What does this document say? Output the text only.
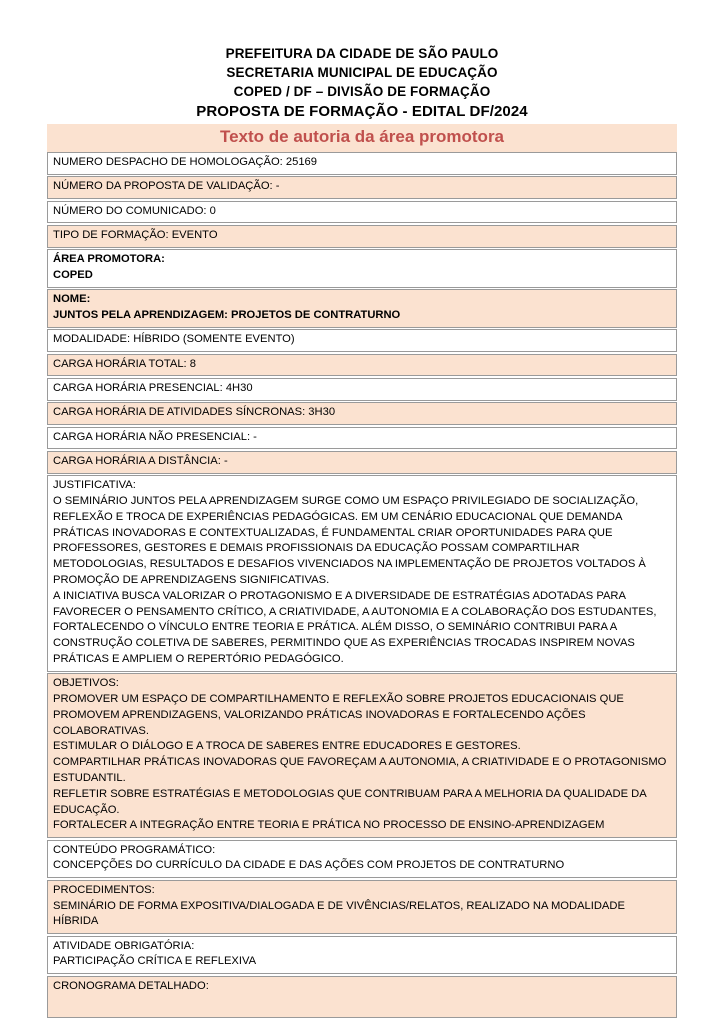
PREFEITURA DA CIDADE DE SÃO PAULO
SECRETARIA MUNICIPAL DE EDUCAÇÃO
COPED / DF – DIVISÃO DE FORMAÇÃO
PROPOSTA DE FORMAÇÃO - EDITAL DF/2024
Texto de autoria da área promotora
NUMERO DESPACHO DE HOMOLOGAÇÃO: 25169
NÚMERO DA PROPOSTA DE VALIDAÇÃO: -
NÚMERO DO COMUNICADO: 0
TIPO DE FORMAÇÃO: EVENTO
ÁREA PROMOTORA:
COPED
NOME:
JUNTOS PELA APRENDIZAGEM: PROJETOS DE CONTRATURNO
MODALIDADE: HÍBRIDO (SOMENTE EVENTO)
CARGA HORÁRIA TOTAL: 8
CARGA HORÁRIA PRESENCIAL: 4H30
CARGA HORÁRIA DE ATIVIDADES SÍNCRONAS: 3H30
CARGA HORÁRIA NÃO PRESENCIAL: -
CARGA HORÁRIA A DISTÂNCIA: -
JUSTIFICATIVA:
O SEMINÁRIO JUNTOS PELA APRENDIZAGEM SURGE COMO UM ESPAÇO PRIVILEGIADO DE SOCIALIZAÇÃO, REFLEXÃO E TROCA DE EXPERIÊNCIAS PEDAGÓGICAS. EM UM CENÁRIO EDUCACIONAL QUE DEMANDA PRÁTICAS INOVADORAS E CONTEXTUALIZADAS, É FUNDAMENTAL CRIAR OPORTUNIDADES PARA QUE PROFESSORES, GESTORES E DEMAIS PROFISSIONAIS DA EDUCAÇÃO POSSAM COMPARTILHAR METODOLOGIAS, RESULTADOS E DESAFIOS VIVENCIADOS NA IMPLEMENTAÇÃO DE PROJETOS VOLTADOS À PROMOÇÃO DE APRENDIZAGENS SIGNIFICATIVAS.
A INICIATIVA BUSCA VALORIZAR O PROTAGONISMO E A DIVERSIDADE DE ESTRATÉGIAS ADOTADAS PARA FAVORECER O PENSAMENTO CRÍTICO, A CRIATIVIDADE, A AUTONOMIA E A COLABORAÇÃO DOS ESTUDANTES, FORTALECENDO O VÍNCULO ENTRE TEORIA E PRÁTICA. ALÉM DISSO, O SEMINÁRIO CONTRIBUI PARA A CONSTRUÇÃO COLETIVA DE SABERES, PERMITINDO QUE AS EXPERIÊNCIAS TROCADAS INSPIREM NOVAS PRÁTICAS E AMPLIEM O REPERTÓRIO PEDAGÓGICO.
OBJETIVOS:
PROMOVER UM ESPAÇO DE COMPARTILHAMENTO E REFLEXÃO SOBRE PROJETOS EDUCACIONAIS QUE PROMOVEM APRENDIZAGENS, VALORIZANDO PRÁTICAS INOVADORAS E FORTALECENDO AÇÕES COLABORATIVAS.
ESTIMULAR O DIÁLOGO E A TROCA DE SABERES ENTRE EDUCADORES E GESTORES.
COMPARTILHAR PRÁTICAS INOVADORAS QUE FAVOREÇAM A AUTONOMIA, A CRIATIVIDADE E O PROTAGONISMO ESTUDANTIL.
REFLETIR SOBRE ESTRATÉGIAS E METODOLOGIAS QUE CONTRIBUAM PARA A MELHORIA DA QUALIDADE DA EDUCAÇÃO.
FORTALECER A INTEGRAÇÃO ENTRE TEORIA E PRÁTICA NO PROCESSO DE ENSINO-APRENDIZAGEM
CONTEÚDO PROGRAMÁTICO:
CONCEPÇÕES DO CURRÍCULO DA CIDADE E DAS AÇÕES COM PROJETOS DE CONTRATURNO
PROCEDIMENTOS:
SEMINÁRIO DE FORMA EXPOSITIVA/DIALOGADA E DE VIVÊNCIAS/RELATOS, REALIZADO NA MODALIDADE HÍBRIDA
ATIVIDADE OBRIGATÓRIA:
PARTICIPAÇÃO CRÍTICA E REFLEXIVA
CRONOGRAMA DETALHADO:
